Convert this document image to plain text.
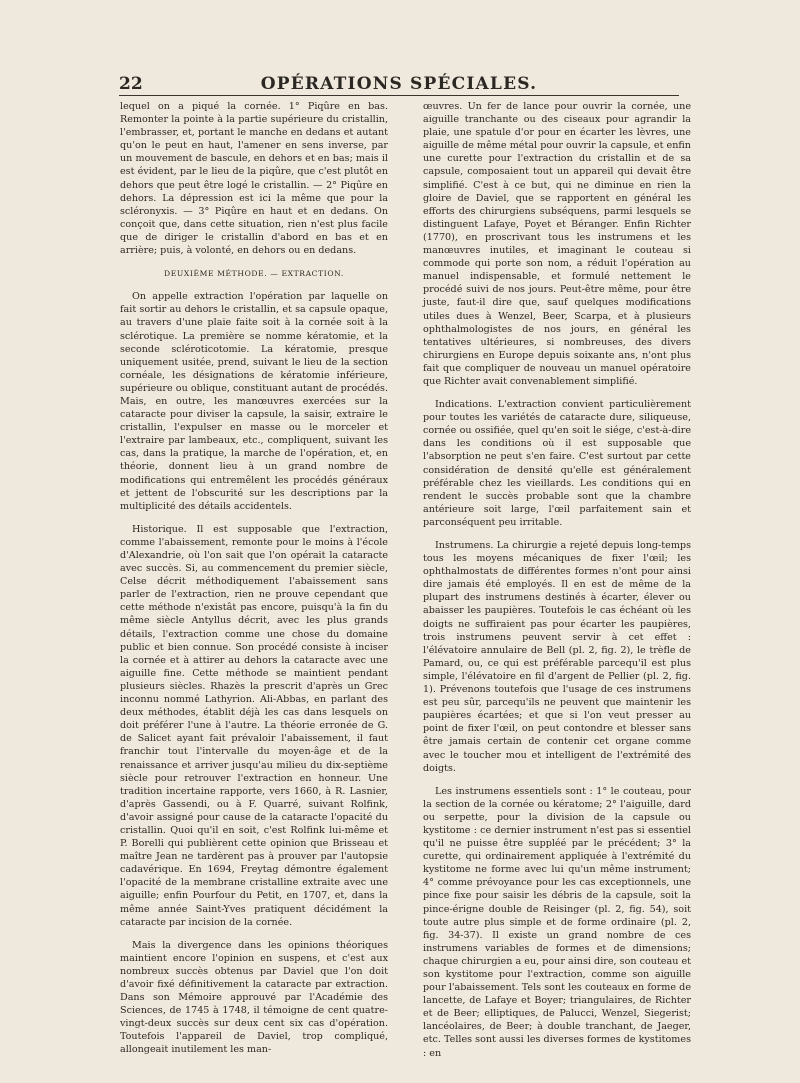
22	OPÉRATIONS SPÉCIALES.

lequel on a piqué la cornée. 1° Piqûre en bas. Remonter la pointe à la partie supérieure du cristallin, l'embrasser, et, portant le manche en dedans et autant qu'on le peut en haut, l'amener en sens inverse, par un mouvement de bascule, en dehors et en bas; mais il est évident, par le lieu de la piqûre, que c'est plutôt en dehors que peut être logé le cristallin. — 2° Piqûre en dehors. La dépression est ici la même que pour la scléronyxis. — 3° Piqûre en haut et en dedans. On conçoit que, dans cette situation, rien n'est plus facile que de diriger le cristallin d'abord en bas et en arrière; puis, à volonté, en dehors ou en dedans.

DEUXIÈME MÉTHODE. — EXTRACTION.

On appelle extraction l'opération par laquelle on fait sortir au dehors le cristallin, et sa capsule opaque, au travers d'une plaie faite soit à la cornée soit à la sclérotique. La première se nomme kératomie, et la seconde scléroticotomie. La kératomie, presque uniquement usitée, prend, suivant le lieu de la section cornéale, les désignations de kératomie inférieure, supérieure ou oblique, constituant autant de procédés. Mais, en outre, les manœuvres exercées sur la cataracte pour diviser la capsule, la saisir, extraire le cristallin, l'expulser en masse ou le morceler et l'extraire par lambeaux, etc., compliquent, suivant les cas, dans la pratique, la marche de l'opération, et, en théorie, donnent lieu à un grand nombre de modifications qui entremêlent les procédés généraux et jettent de l'obscurité sur les descriptions par la multiplicité des détails accidentels.

Historique. Il est supposable que l'extraction, comme l'abaissement, remonte pour le moins à l'école d'Alexandrie, où l'on sait que l'on opérait la cataracte avec succès. Si, au commencement du premier siècle, Celse décrit méthodiquement l'abaissement sans parler de l'extraction, rien ne prouve cependant que cette méthode n'existât pas encore, puisqu'à la fin du même siècle Antyllus décrit, avec les plus grands détails, l'extraction comme une chose du domaine public et bien connue. Son procédé consiste à inciser la cornée et à attirer au dehors la cataracte avec une aiguille fine. Cette méthode se maintient pendant plusieurs siècles. Rhazès la prescrit d'après un Grec inconnu nommé Lathyrion. Ali-Abbas, en parlant des deux méthodes, établit déjà les cas dans lesquels on doit préférer l'une à l'autre. La théorie erronée de G. de Salicet ayant fait prévaloir l'abaissement, il faut franchir tout l'intervalle du moyen-âge et de la renaissance et arriver jusqu'au milieu du dix-septième siècle pour retrouver l'extraction en honneur. Une tradition incertaine rapporte, vers 1660, à R. Lasnier, d'après Gassendi, ou à F. Quarré, suivant Rolfink, d'avoir assigné pour cause de la cataracte l'opacité du cristallin. Quoi qu'il en soit, c'est Rolfink lui-même et P. Borelli qui publièrent cette opinion que Brisseau et maître Jean ne tardèrent pas à prouver par l'autopsie cadavérique. En 1694, Freytag démontre également l'opacité de la membrane cristalline extraite avec une aiguille; enfin Pourfour du Petit, en 1707, et, dans la même année Saint-Yves pratiquent décidément la cataracte par incision de la cornée.

Mais la divergence dans les opinions théoriques maintient encore l'opinion en suspens, et c'est aux nombreux succès obtenus par Daviel que l'on doit d'avoir fixé définitivement la cataracte par extraction. Dans son Mémoire approuvé par l'Académie des Sciences, de 1745 à 1748, il témoigne de cent quatre-vingt-deux succès sur deux cent six cas d'opération. Toutefois l'appareil de Daviel, trop compliqué, allongeait inutilement les man-

œuvres. Un fer de lance pour ouvrir la cornée, une aiguille tranchante ou des ciseaux pour agrandir la plaie, une spatule d'or pour en écarter les lèvres, une aiguille de même métal pour ouvrir la capsule, et enfin une curette pour l'extraction du cristallin et de sa capsule, composaient tout un appareil qui devait être simplifié. C'est à ce but, qui ne diminue en rien la gloire de Daviel, que se rapportent en général les efforts des chirurgiens subséquens, parmi lesquels se distinguent Lafaye, Poyet et Béranger. Enfin Richter (1770), en proscrivant tous les instrumens et les manœuvres inutiles, et imaginant le couteau si commode qui porte son nom, a réduit l'opération au manuel indispensable, et formulé nettement le procédé suivi de nos jours. Peut-être même, pour être juste, faut-il dire que, sauf quelques modifications utiles dues à Wenzel, Beer, Scarpa, et à plusieurs ophthalmologistes de nos jours, en général les tentatives ultérieures, si nombreuses, des divers chirurgiens en Europe depuis soixante ans, n'ont plus fait que compliquer de nouveau un manuel opératoire que Richter avait convenablement simplifié.

Indications. L'extraction convient particulièrement pour toutes les variétés de cataracte dure, siliqueuse, cornée ou ossifiée, quel qu'en soit le siége, c'est-à-dire dans les conditions où il est supposable que l'absorption ne peut s'en faire. C'est surtout par cette considération de densité qu'elle est généralement préférable chez les vieillards. Les conditions qui en rendent le succès probable sont que la chambre antérieure soit large, l'œil parfaitement sain et parconséquent peu irritable.

Instrumens. La chirurgie a rejeté depuis long-temps tous les moyens mécaniques de fixer l'œil; les ophthalmostats de différentes formes n'ont pour ainsi dire jamais été employés. Il en est de même de la plupart des instrumens destinés à écarter, élever ou abaisser les paupières. Toutefois le cas échéant où les doigts ne suffiraient pas pour écarter les paupières, trois instrumens peuvent servir à cet effet : l'élévatoire annulaire de Bell (pl. 2, fig. 2), le trèfle de Pamard, ou, ce qui est préférable parcequ'il est plus simple, l'élévatoire en fil d'argent de Pellier (pl. 2, fig. 1). Prévenons toutefois que l'usage de ces instrumens est peu sûr, parcequ'ils ne peuvent que maintenir les paupières écartées; et que si l'on veut presser au point de fixer l'œil, on peut contondre et blesser sans être jamais certain de contenir cet organe comme avec le toucher mou et intelligent de l'extrémité des doigts.

Les instrumens essentiels sont : 1° le couteau, pour la section de la cornée ou kératome; 2° l'aiguille, dard ou serpette, pour la division de la capsule ou kystitome : ce dernier instrument n'est pas si essentiel qu'il ne puisse être suppléé par le précédent; 3° la curette, qui ordinairement appliquée à l'extrémité du kystitome ne forme avec lui qu'un même instrument; 4° comme prévoyance pour les cas exceptionnels, une pince fixe pour saisir les débris de la capsule, soit la pince-érigne double de Reisinger (pl. 2, fig. 54), soit toute autre plus simple et de forme ordinaire (pl. 2, fig. 34-37). Il existe un grand nombre de ces instrumens variables de formes et de dimensions; chaque chirurgien a eu, pour ainsi dire, son couteau et son kystitome pour l'extraction, comme son aiguille pour l'abaissement. Tels sont les couteaux en forme de lancette, de Lafaye et Boyer; triangulaires, de Richter et de Beer; elliptiques, de Palucci, Wenzel, Siegerist; lancéolaires, de Beer; à double tranchant, de Jaeger, etc. Telles sont aussi les diverses formes de kystitomes : en
